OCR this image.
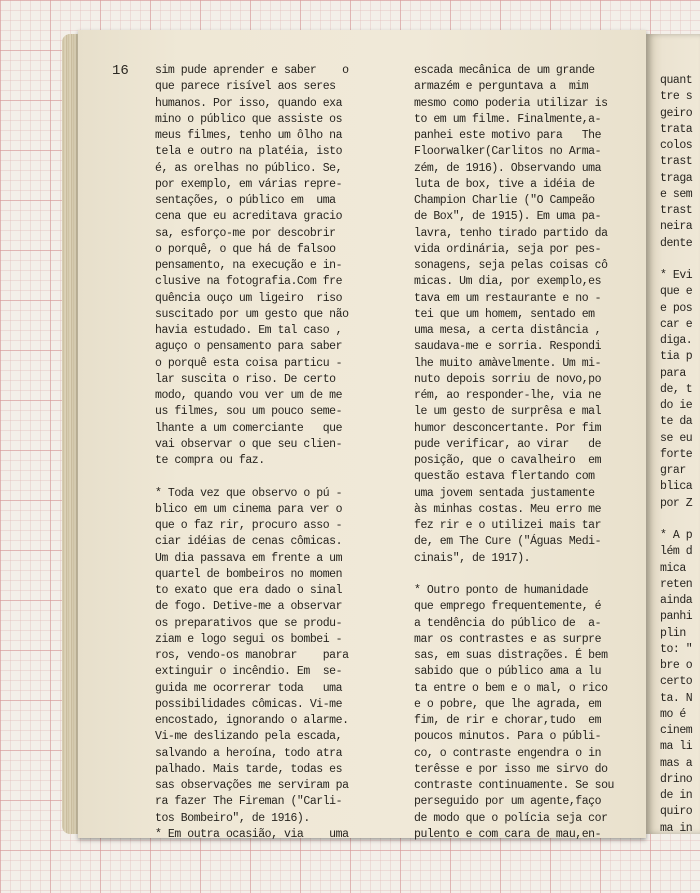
16 sim pude aprender e saber    o
que parece risível aos seres
humanos. Por isso, quando exa
mino o público que assiste os
meus filmes, tenho um ôlho na
tela e outro na platéia, isto
é, as orelhas no público. Se,
por exemplo, em várias repre-
sentações, o público em  uma
cena que eu acreditava gracio
sa, esforço-me por descobrir
o porquê, o que há de falsoo
pensamento, na execução e in-
clusive na fotografia.Com fre
quência ouço um ligeiro  riso
suscitado por um gesto que não
havia estudado. Em tal caso ,
aguço o pensamento para saber
o porquê esta coisa particu -
lar suscita o riso. De certo
modo, quando vou ver um de me
us filmes, sou um pouco seme-
lhante a um comerciante   que
vai observar o que seu clien-
te compra ou faz.
* Toda vez que observo o pú -
blico em um cinema para ver o
que o faz rir, procuro asso -
ciar idéias de cenas cômicas.
Um dia passava em frente a um
quartel de bombeiros no momen
to exato que era dado o sinal
de fogo. Detive-me a observar
os preparativos que se produ-
ziam e logo segui os bombei -
ros, vendo-os manobrar    para
extinguir o incêndio. Em  se-
guida me ocorrerar toda   uma
possibilidades cômicas. Vi-me
encostado, ignorando o alarme.
Vi-me deslizando pela escada,
salvando a heroína, todo atra
palhado. Mais tarde, todas es
sas observações me serviram pa
ra fazer The Fireman ("Carli-
tos Bombeiro", de 1916).
* Em outra ocasião, via    uma
escada mecânica de um grande
armazém e perguntava a  mim
mesmo como poderia utilizar is
to em um filme. Finalmente,a-
panhei este motivo para   The
Floorwalker(Carlitos no Arma-
zém, de 1916). Observando uma
luta de box, tive a idéia de
Champion Charlie ("O Campeão
de Box", de 1915). Em uma pa-
lavra, tenho tirado partido da
vida ordinária, seja por pes-
sonagens, seja pelas coisas cô
micas. Um dia, por exemplo,es
tava em um restaurante e no -
tei que um homem, sentado em
uma mesa, a certa distância ,
saudava-me e sorria. Respondi
lhe muito amàvelmente. Um mi-
nuto depois sorriu de novo,po
rém, ao responder-lhe, via ne
le um gesto de surprêsa e mal
humor desconcertante. Por fim
pude verificar, ao virar   de
posição, que o cavalheiro  em
questão estava flertando com
uma jovem sentada justamente
às minhas costas. Meu erro me
fez rir e o utilizei mais tar
de, em The Cure ("Águas Medi-
cinais", de 1917).
* Outro ponto de humanidade
que emprego frequentemente, é
a tendência do público de  a-
mar os contrastes e as surpre
sas, em suas distrações. É bem
sabido que o público ama a lu
ta entre o bem e o mal, o rico
e o pobre, que lhe agrada, em
fim, de rir e chorar,tudo  em
poucos minutos. Para o públi-
co, o contraste engendra o in
terêsse e por isso me sirvo do
contraste continuamente. Se sou
perseguido por um agente,faço
de modo que o polícia seja cor
pulento e com cara de mau,en-
quant
tre s
geiro
trata
colos
trast
traga
e sem
trast
neira
dente
* Evi
que e
e pos
car e
diga.
tia p
para
de, t
do ie
te da
se eu
forte
grar
blica
por Z
* A p
lém d
mica
reten
ainda
panhi
plin
to: "
bre o
certo
ta. N
mo é
cinem
ma li
mas a
drino
de in
quiro
ma in
